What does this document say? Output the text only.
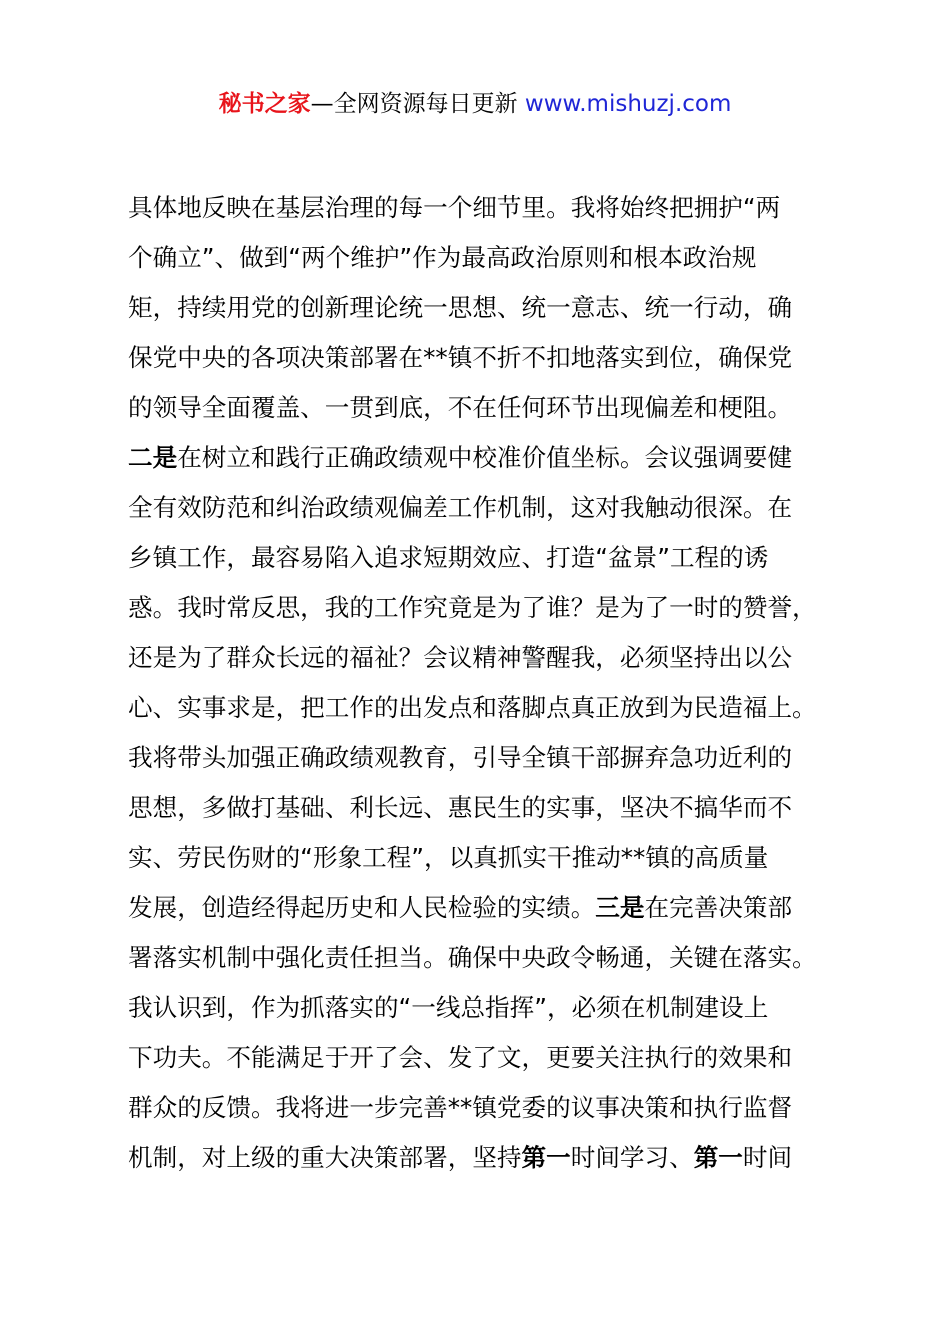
秘书之家—全网资源每日更新 www.mishuzj.com
具体地反映在基层治理的每一个细节里。我将始终把拥护“两
个确立”、做到“两个维护”作为最高政治原则和根本政治规
矩，持续用党的创新理论统一思想、统一意志、统一行动，确
保党中央的各项决策部署在**镇不折不扣地落实到位，确保党
的领导全面覆盖、一贯到底，不在任何环节出现偏差和梗阻。
二是在树立和践行正确政绩观中校准价值坐标。会议强调要健
全有效防范和纠治政绩观偏差工作机制，这对我触动很深。在
乡镇工作，最容易陷入追求短期效应、打造“盆景”工程的诱
惑。我时常反思，我的工作究竟是为了谁？是为了一时的赞誉，
还是为了群众长远的福祉？会议精神警醒我，必须坚持出以公
心、实事求是，把工作的出发点和落脚点真正放到为民造福上。
我将带头加强正确政绩观教育，引导全镇干部摒弃急功近利的
思想，多做打基础、利长远、惠民生的实事，坚决不搞华而不
实、劳民伤财的“形象工程”，以真抓实干推动**镇的高质量
发展，创造经得起历史和人民检验的实绩。三是在完善决策部
署落实机制中强化责任担当。确保中央政令畅通，关键在落实。
我认识到，作为抓落实的“一线总指挥”，必须在机制建设上
下功夫。不能满足于开了会、发了文，更要关注执行的效果和
群众的反馈。我将进一步完善**镇党委的议事决策和执行监督
机制，对上级的重大决策部署，坚持第一时间学习、第一时间
